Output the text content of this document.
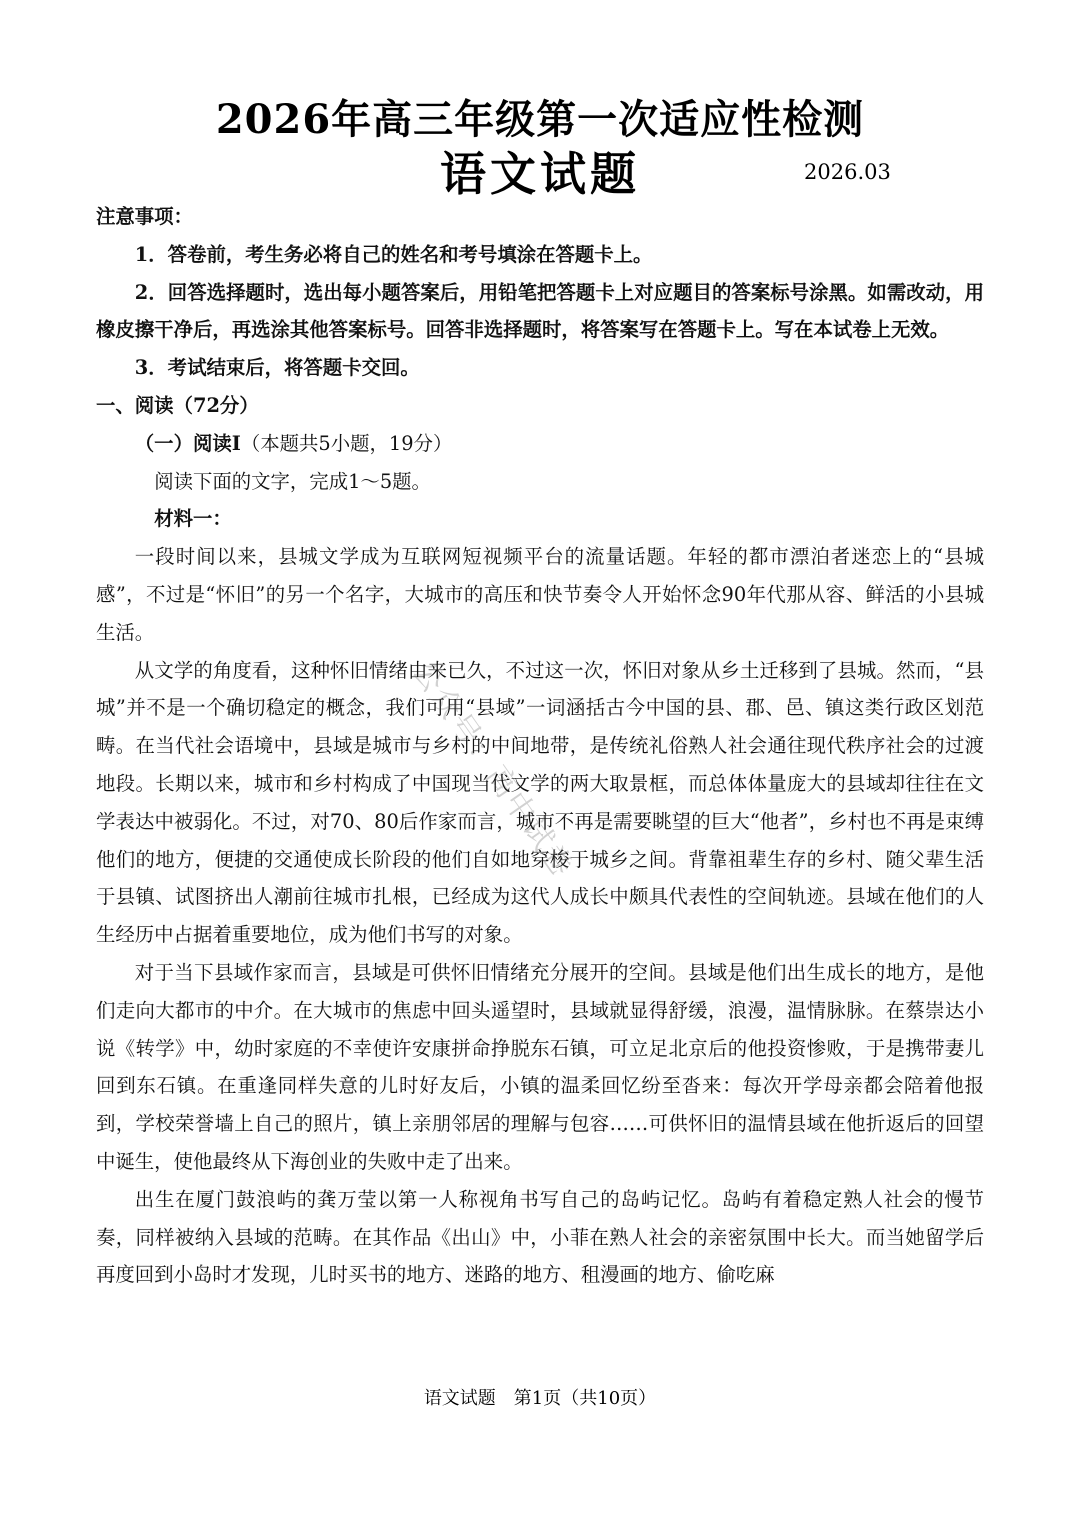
2026年高三年级第一次适应性检测
语文试题	2026.03

注意事项：

1．答卷前，考生务必将自己的姓名和考号填涂在答题卡上。

2．回答选择题时，选出每小题答案后，用铅笔把答题卡上对应题目的答案标号涂黑。如需改动，用橡皮擦干净后，再选涂其他答案标号。回答非选择题时，将答案写在答题卡上。写在本试卷上无效。

3．考试结束后，将答题卡交回。

一、阅读（72分）

（一）阅读I（本题共5小题，19分）

阅读下面的文字，完成1～5题。

材料一：

一段时间以来，县城文学成为互联网短视频平台的流量话题。年轻的都市漂泊者迷恋上的“县城感”，不过是“怀旧”的另一个名字，大城市的高压和快节奏令人开始怀念90年代那从容、鲜活的小县城生活。

从文学的角度看，这种怀旧情绪由来已久，不过这一次，怀旧对象从乡土迁移到了县城。然而，“县城”并不是一个确切稳定的概念，我们可用“县域”一词涵括古今中国的县、郡、邑、镇这类行政区划范畴。在当代社会语境中，县域是城市与乡村的中间地带，是传统礼俗熟人社会通往现代秩序社会的过渡地段。长期以来，城市和乡村构成了中国现当代文学的两大取景框，而总体体量庞大的县域却往往在文学表达中被弱化。不过，对70、80后作家而言，城市不再是需要眺望的巨大“他者”，乡村也不再是束缚他们的地方，便捷的交通使成长阶段的他们自如地穿梭于城乡之间。背靠祖辈生存的乡村、随父辈生活于县镇、试图挤出人潮前往城市扎根，已经成为这代人成长中颇具代表性的空间轨迹。县域在他们的人生经历中占据着重要地位，成为他们书写的对象。

对于当下县域作家而言，县域是可供怀旧情绪充分展开的空间。县域是他们出生成长的地方，是他们走向大都市的中介。在大城市的焦虑中回头遥望时，县域就显得舒缓，浪漫，温情脉脉。在蔡崇达小说《转学》中，幼时家庭的不幸使许安康拼命挣脱东石镇，可立足北京后的他投资惨败，于是携带妻儿回到东石镇。在重逢同样失意的儿时好友后，小镇的温柔回忆纷至沓来：每次开学母亲都会陪着他报到，学校荣誉墙上自己的照片，镇上亲朋邻居的理解与包容……可供怀旧的温情县域在他折返后的回望中诞生，使他最终从下海创业的失败中走了出来。

出生在厦门鼓浪屿的龚万莹以第一人称视角书写自己的岛屿记忆。岛屿有着稳定熟人社会的慢节奏，同样被纳入县域的范畴。在其作品《出山》中，小菲在熟人社会的亲密氛围中长大。而当她留学后再度回到小岛时才发现，儿时买书的地方、迷路的地方、租漫画的地方、偷吃麻

公众号：高中试卷
语文试题　第1页（共10页）
